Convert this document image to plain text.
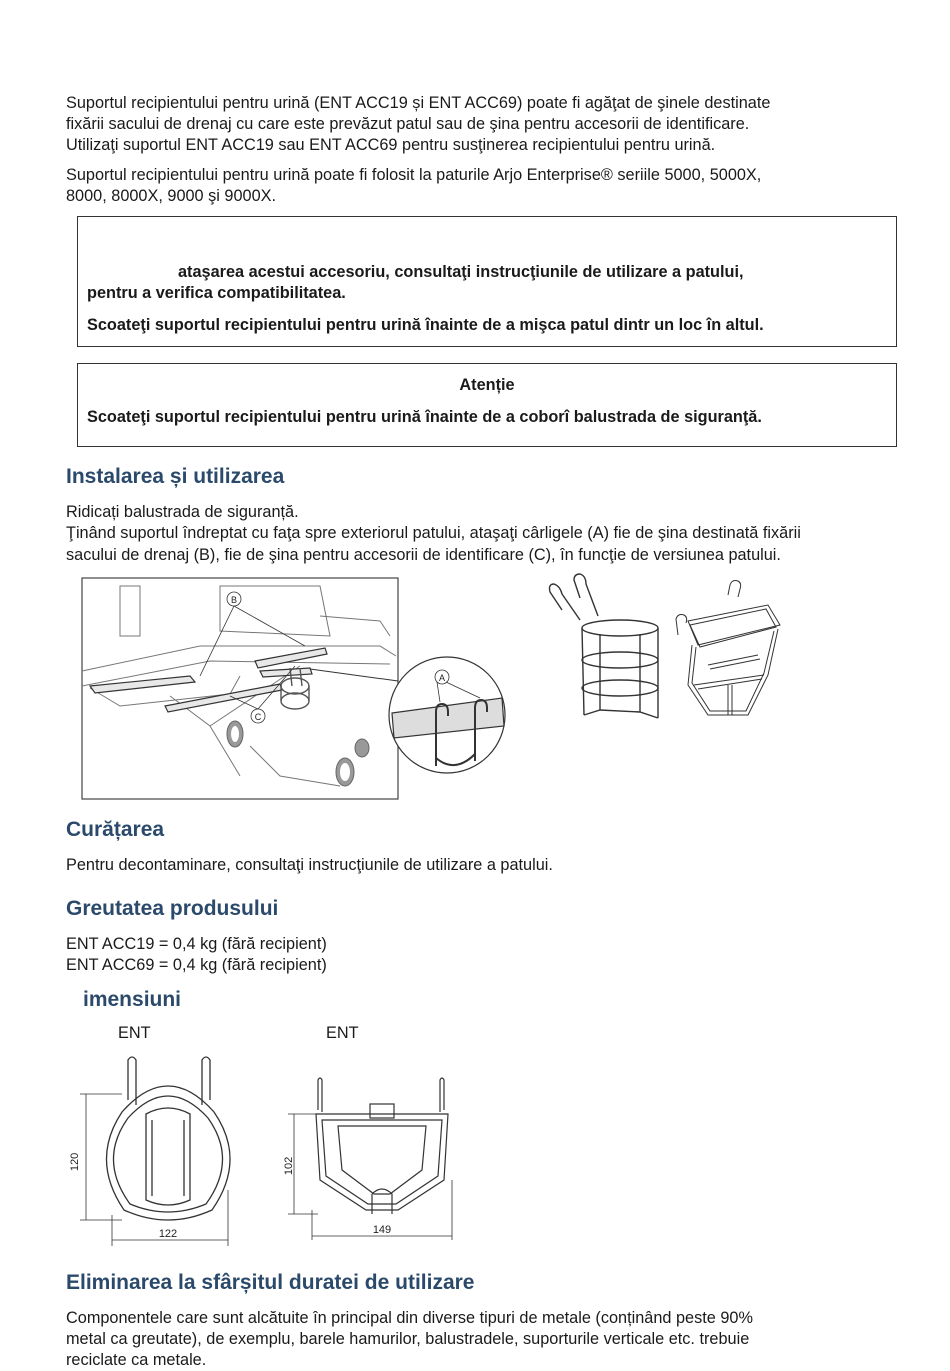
Suportul recipientului pentru urină (ENT ACC19 și ENT ACC69) poate fi agăţat de şinele destinate

fixării sacului de drenaj cu care este prevăzut patul sau de şina pentru accesorii de identificare.

Utilizaţi suportul ENT ACC19 sau ENT ACC69 pentru susţinerea recipientului pentru urină.

Suportul recipientului pentru urină poate fi folosit la paturile Arjo Enterprise® seriile 5000, 5000X,

8000, 8000X, 9000 şi 9000X.

ataşarea acestui accesoriu, consultaţi instrucţiunile de utilizare a patului,

pentru a verifica compatibilitatea.

Scoateţi suportul recipientului pentru urină înainte de a mişca patul dintr un loc în altul.

Atenție

Scoateţi suportul recipientului pentru urină înainte de a coborî balustrada de siguranţă.

Instalarea și utilizarea

Ridicați balustrada de siguranță.

Ţinând suportul îndreptat cu faţa spre exteriorul patului, ataşaţi cârligele (A) fie de şina destinată fixării

sacului de drenaj (B), fie de şina pentru accesorii de identificare (C), în funcţie de versiunea patului.

B
C
A
Curățarea

Pentru decontaminare, consultaţi instrucţiunile de utilizare a patului.

Greutatea produsului

ENT ACC19 = 0,4 kg (fără recipient)

ENT ACC69 = 0,4 kg (fără recipient)

imensiuni
ENT	ENT
120
122
102
149
Eliminarea la sfârșitul duratei de utilizare

Componentele care sunt alcătuite în principal din diverse tipuri de metale (conținând peste 90%

metal ca greutate), de exemplu, barele hamurilor, balustradele, suporturile verticale etc. trebuie

reciclate ca metale.
